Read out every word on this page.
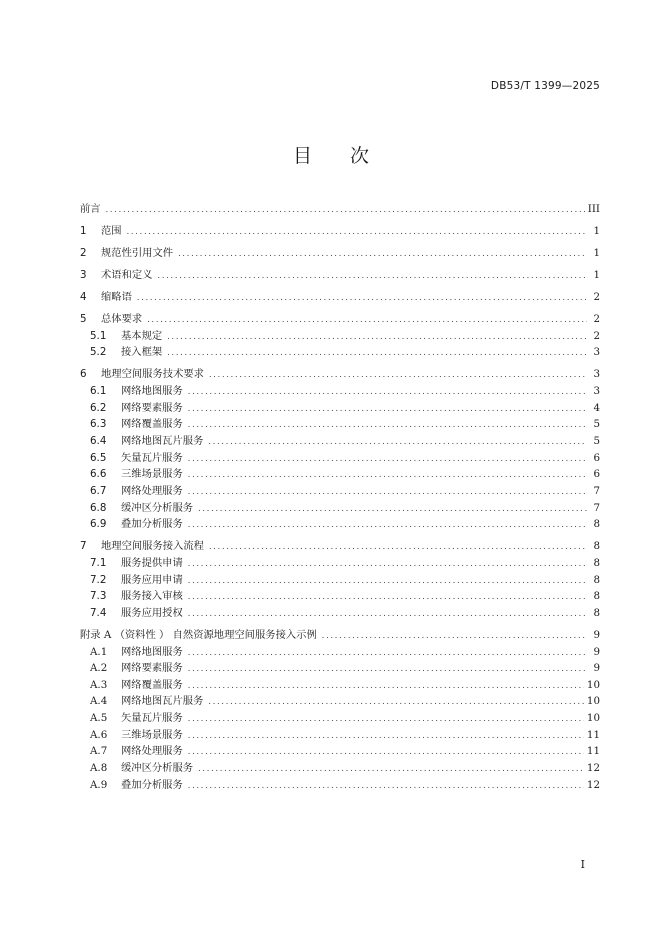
DB53/T 1399—2025
目 次
前言 .....	III
1	范围 .....	1
2	规范性引用文件 .....	1
3	术语和定义 .....	1
4	缩略语 .....	2
5	总体要求 .....	2
5.1	基本规定 .....	2
5.2	接入框架 .....	3
6	地理空间服务技术要求 .....	3
6.1	网络地图服务 .....	3
6.2	网络要素服务 .....	4
6.3	网络覆盖服务 .....	5
6.4	网络地图瓦片服务 .....	5
6.5	矢量瓦片服务 .....	6
6.6	三维场景服务 .....	6
6.7	网络处理服务 .....	7
6.8	缓冲区分析服务 .....	7
6.9	叠加分析服务 .....	8
7	地理空间服务接入流程 .....	8
7.1	服务提供申请 .....	8
7.2	服务应用申请 .....	8
7.3	服务接入审核 .....	8
7.4	服务应用授权 .....	8
附录 A （资料性 ） 自然资源地理空间服务接入示例 .....	9
A.1	网络地图服务 .....	9
A.2	网络要素服务 .....	9
A.3	网络覆盖服务 .....	10
A.4	网络地图瓦片服务 .....	10
A.5	矢量瓦片服务 .....	10
A.6	三维场景服务 .....	11
A.7	网络处理服务 .....	11
A.8	缓冲区分析服务 .....	12
A.9	叠加分析服务 .....	12
I
